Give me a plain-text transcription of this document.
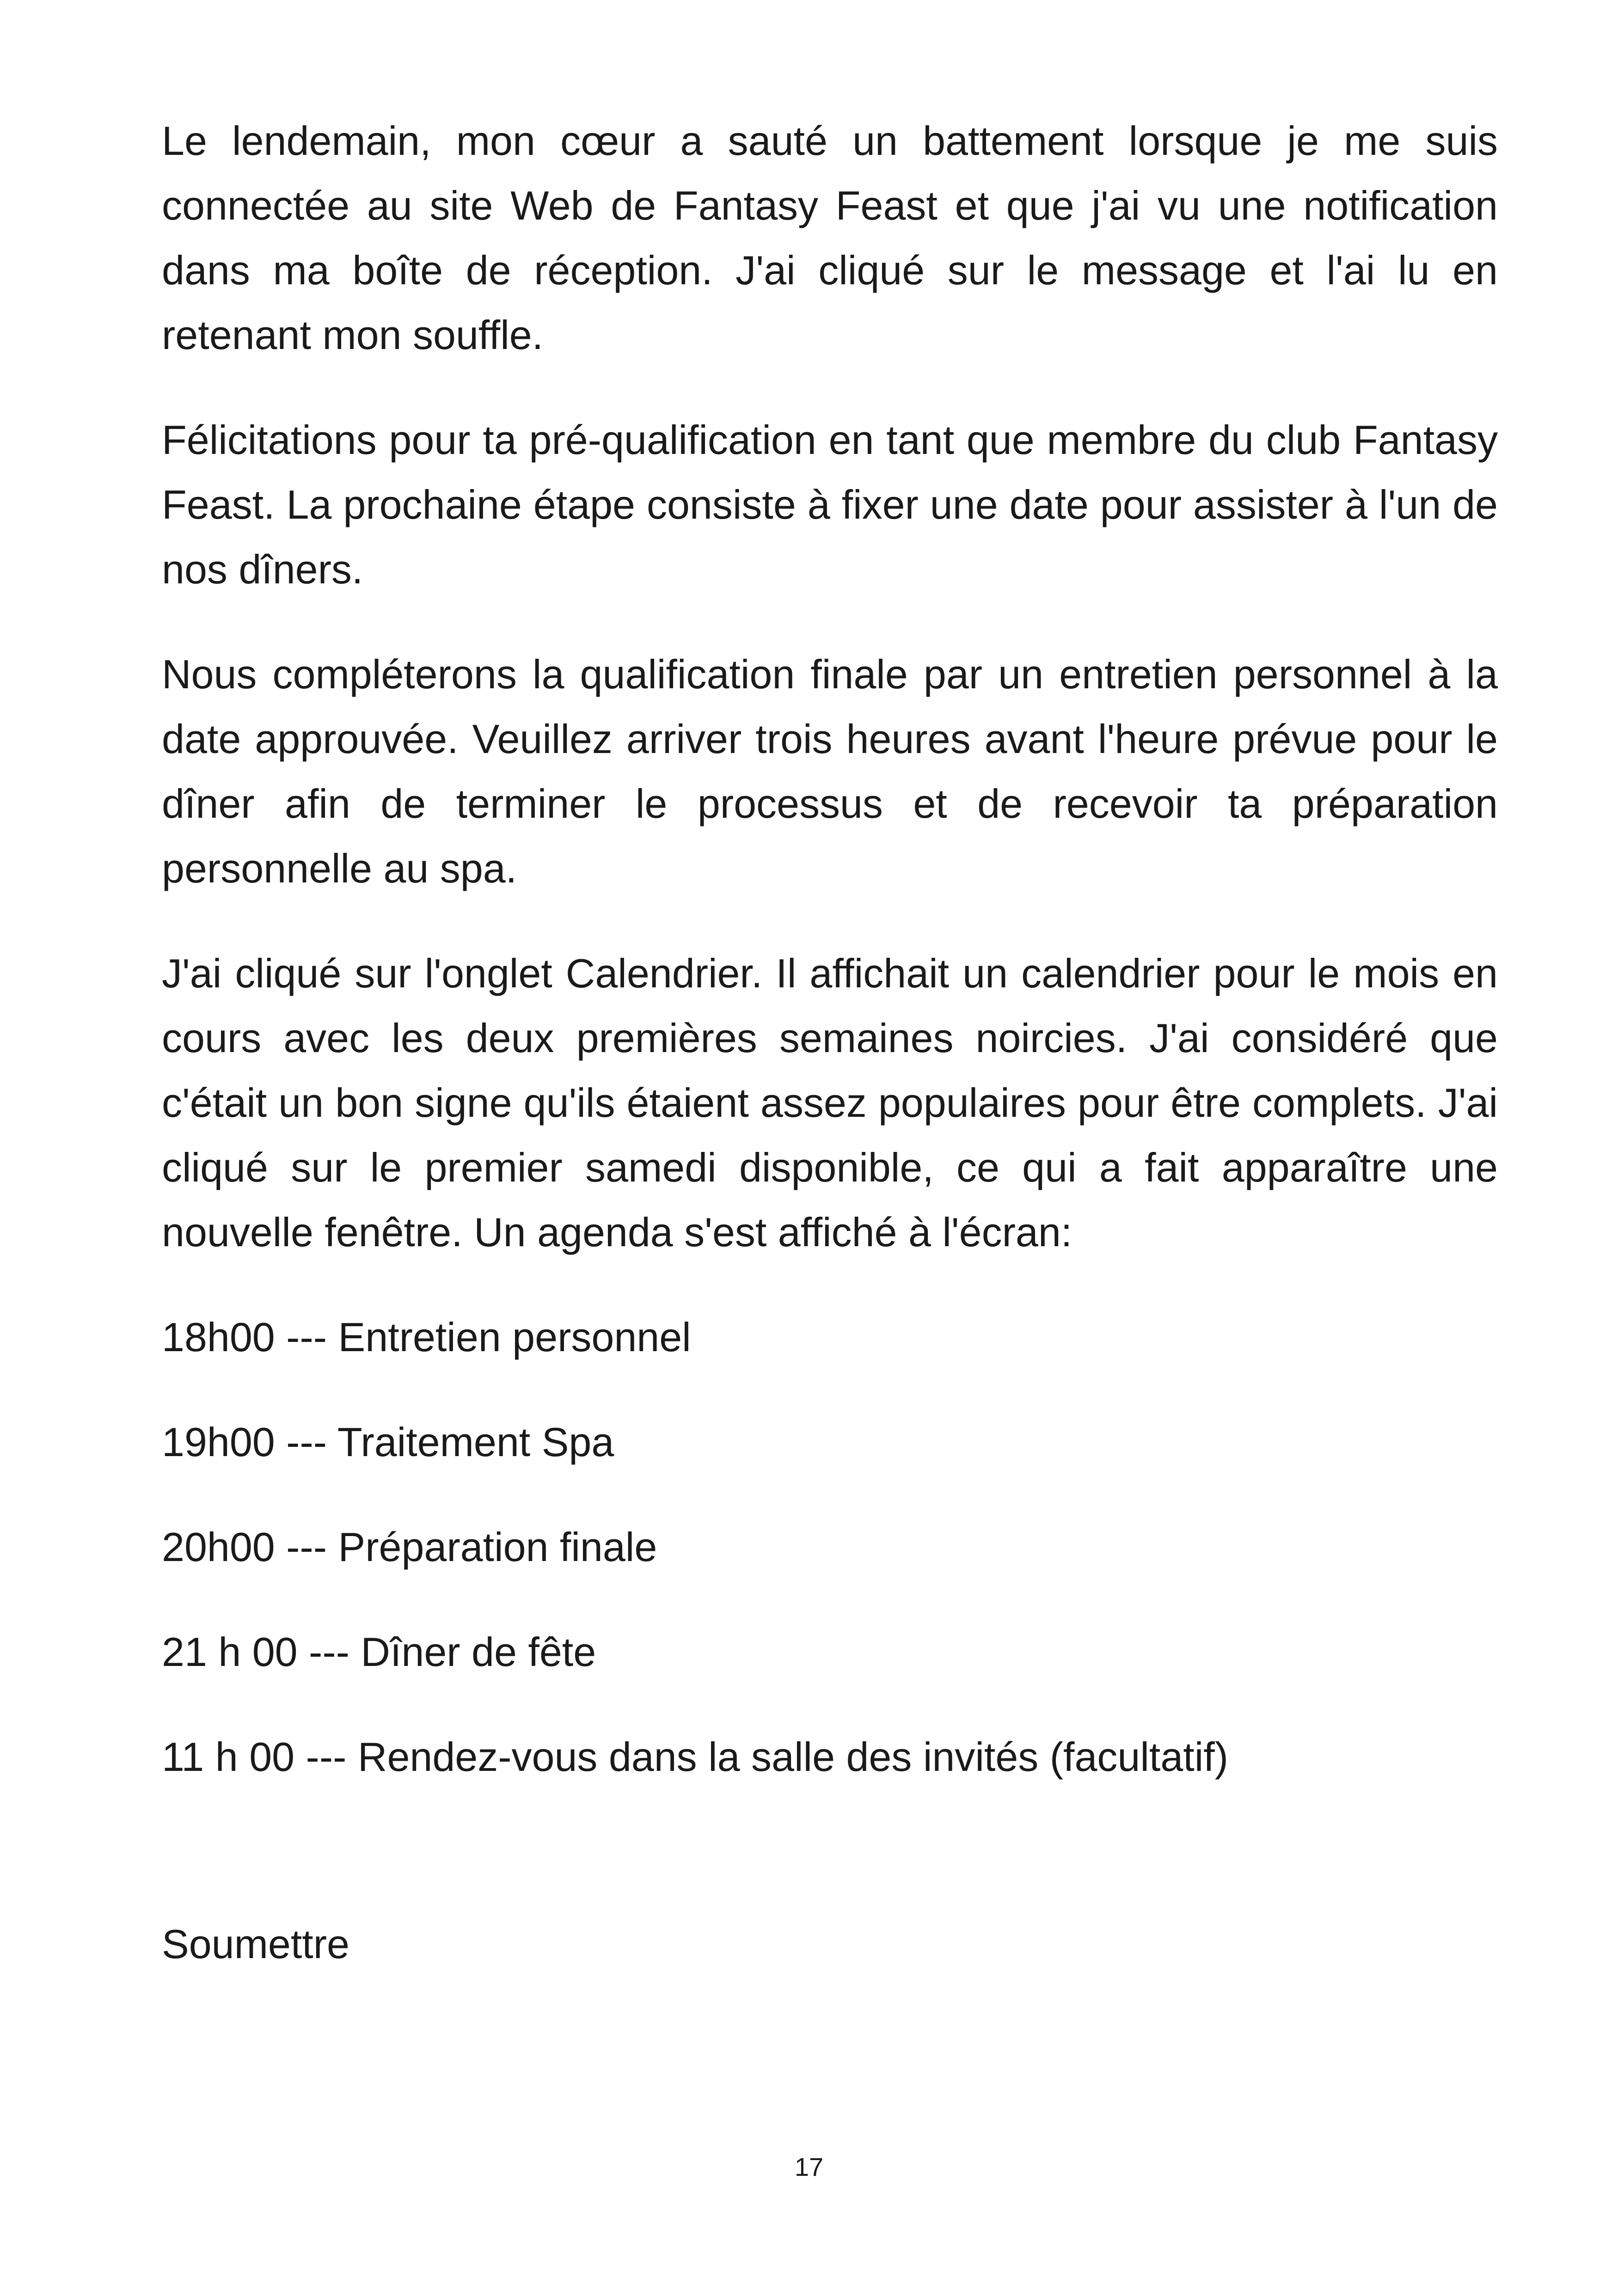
Le lendemain, mon cœur a sauté un battement lorsque je me suis connectée au site Web de Fantasy Feast et que j'ai vu une notification dans ma boîte de réception. J'ai cliqué sur le message et l'ai lu en retenant mon souffle.

Félicitations pour ta pré-qualification en tant que membre du club Fantasy Feast. La prochaine étape consiste à fixer une date pour assister à l'un de nos dîners.

Nous compléterons la qualification finale par un entretien personnel à la date approuvée. Veuillez arriver trois heures avant l'heure prévue pour le dîner afin de terminer le processus et de recevoir ta préparation personnelle au spa.

J'ai cliqué sur l'onglet Calendrier. Il affichait un calendrier pour le mois en cours avec les deux premières semaines noircies. J'ai considéré que c'était un bon signe qu'ils étaient assez populaires pour être complets. J'ai cliqué sur le premier samedi disponible, ce qui a fait apparaître une nouvelle fenêtre. Un agenda s'est affiché à l'écran:

18h00 --- Entretien personnel
19h00 --- Traitement Spa
20h00 --- Préparation finale
21 h 00 --- Dîner de fête
11 h 00 --- Rendez-vous dans la salle des invités (facultatif)
Soumettre
17
